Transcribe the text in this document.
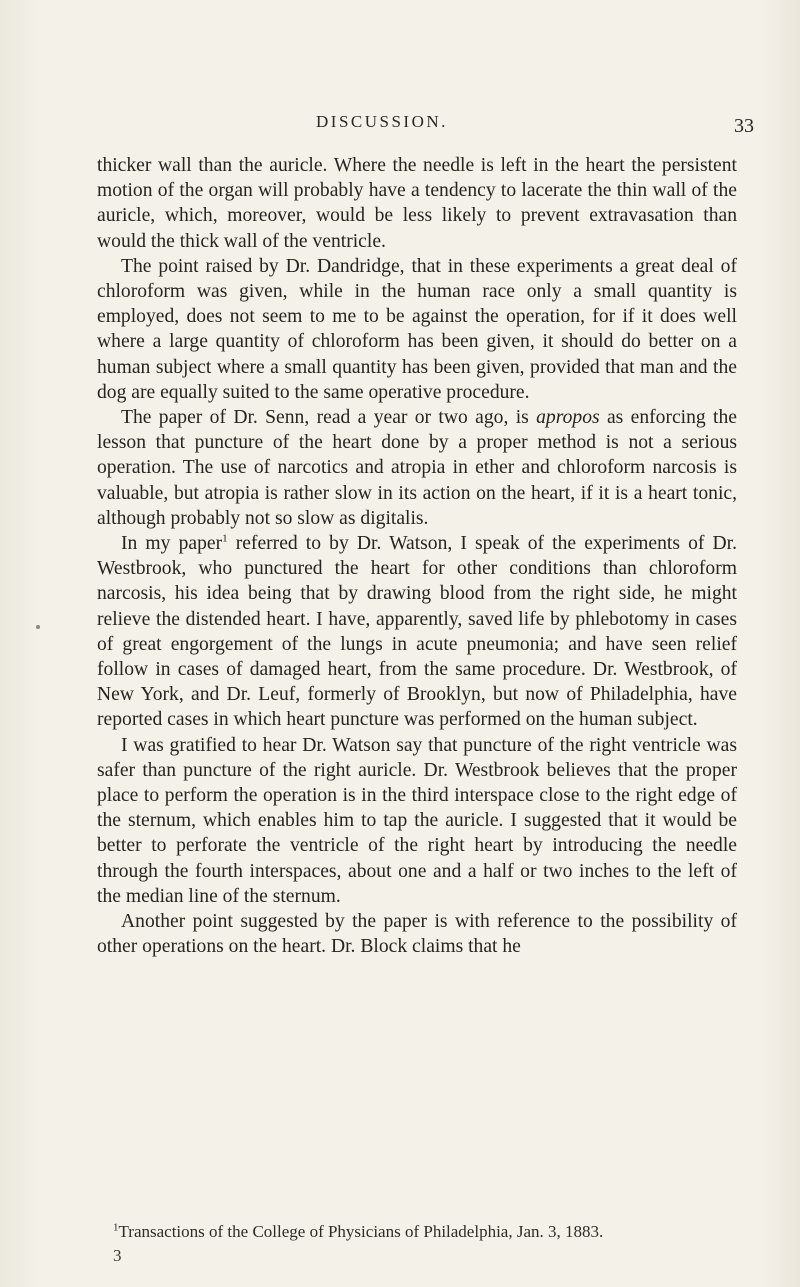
DISCUSSION.	33

thicker wall than the auricle. Where the needle is left in the heart the persistent motion of the organ will probably have a tendency to lacerate the thin wall of the auricle, which, moreover, would be less likely to prevent extravasation than would the thick wall of the ventricle.

The point raised by Dr. Dandridge, that in these experiments a great deal of chloroform was given, while in the human race only a small quantity is employed, does not seem to me to be against the operation, for if it does well where a large quantity of chloroform has been given, it should do better on a human subject where a small quantity has been given, provided that man and the dog are equally suited to the same operative procedure.

The paper of Dr. Senn, read a year or two ago, is apropos as enforcing the lesson that puncture of the heart done by a proper method is not a serious operation. The use of narcotics and atropia in ether and chloroform narcosis is valuable, but atropia is rather slow in its action on the heart, if it is a heart tonic, although probably not so slow as digitalis.

In my paper$^1$ referred to by Dr. Watson, I speak of the experiments of Dr. Westbrook, who punctured the heart for other conditions than chloroform narcosis, his idea being that by drawing blood from the right side, he might relieve the distended heart. I have, apparently, saved life by phlebotomy in cases of great engorgement of the lungs in acute pneumonia; and have seen relief follow in cases of damaged heart, from the same procedure. Dr. Westbrook, of New York, and Dr. Leuf, formerly of Brooklyn, but now of Philadelphia, have reported cases in which heart puncture was performed on the human subject.

I was gratified to hear Dr. Watson say that puncture of the right ventricle was safer than puncture of the right auricle. Dr. Westbrook believes that the proper place to perform the operation is in the third interspace close to the right edge of the sternum, which enables him to tap the auricle. I suggested that it would be better to perforate the ventricle of the right heart by introducing the needle through the fourth interspaces, about one and a half or two inches to the left of the median line of the sternum.

Another point suggested by the paper is with reference to the possibility of other operations on the heart. Dr. Block claims that he

$^1$Transactions of the College of Physicians of Philadelphia, Jan. 3, 1883.
3
